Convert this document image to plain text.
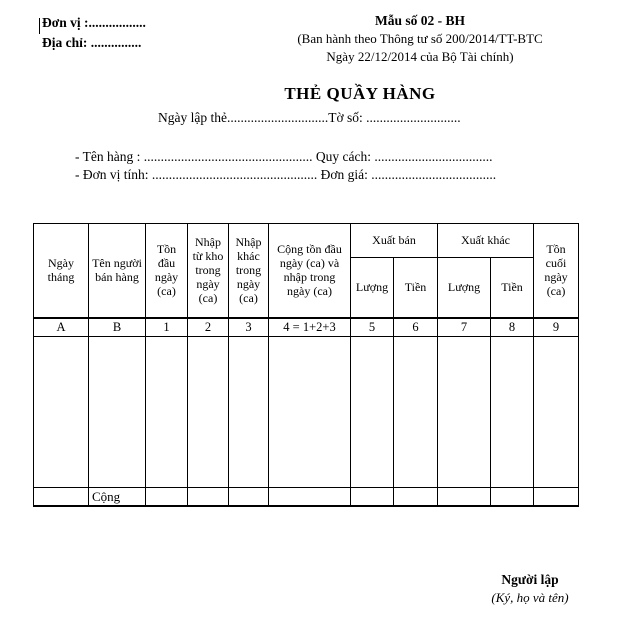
Đơn vị :.................
Địa chỉ: ...............
Mẫu số 02 - BH
(Ban hành theo Thông tư số 200/2014/TT-BTC
Ngày 22/12/2014 của Bộ Tài chính)
THẺ QUẦY HÀNG
Ngày lập thẻ..............................Tờ số: ............................
- Tên hàng : .................................................. Quy cách: ...................................
- Đơn vị tính: ................................................. Đơn giá: .....................................
Ngày tháng	Tên người bán hàng	Tồn đầu ngày (ca)	Nhập từ kho trong ngày (ca)	Nhập khác trong ngày (ca)	Cộng tồn đầu ngày (ca) và nhập trong ngày (ca)	Xuất bán		Xuất khác		Tồn cuối ngày (ca)
						Lượng	Tiền	Lượng	Tiền	
A	B	1	2	3	4 = 1+2+3	5	6	7	8	9

	Cộng									
Người lập
(Ký, họ và tên)
